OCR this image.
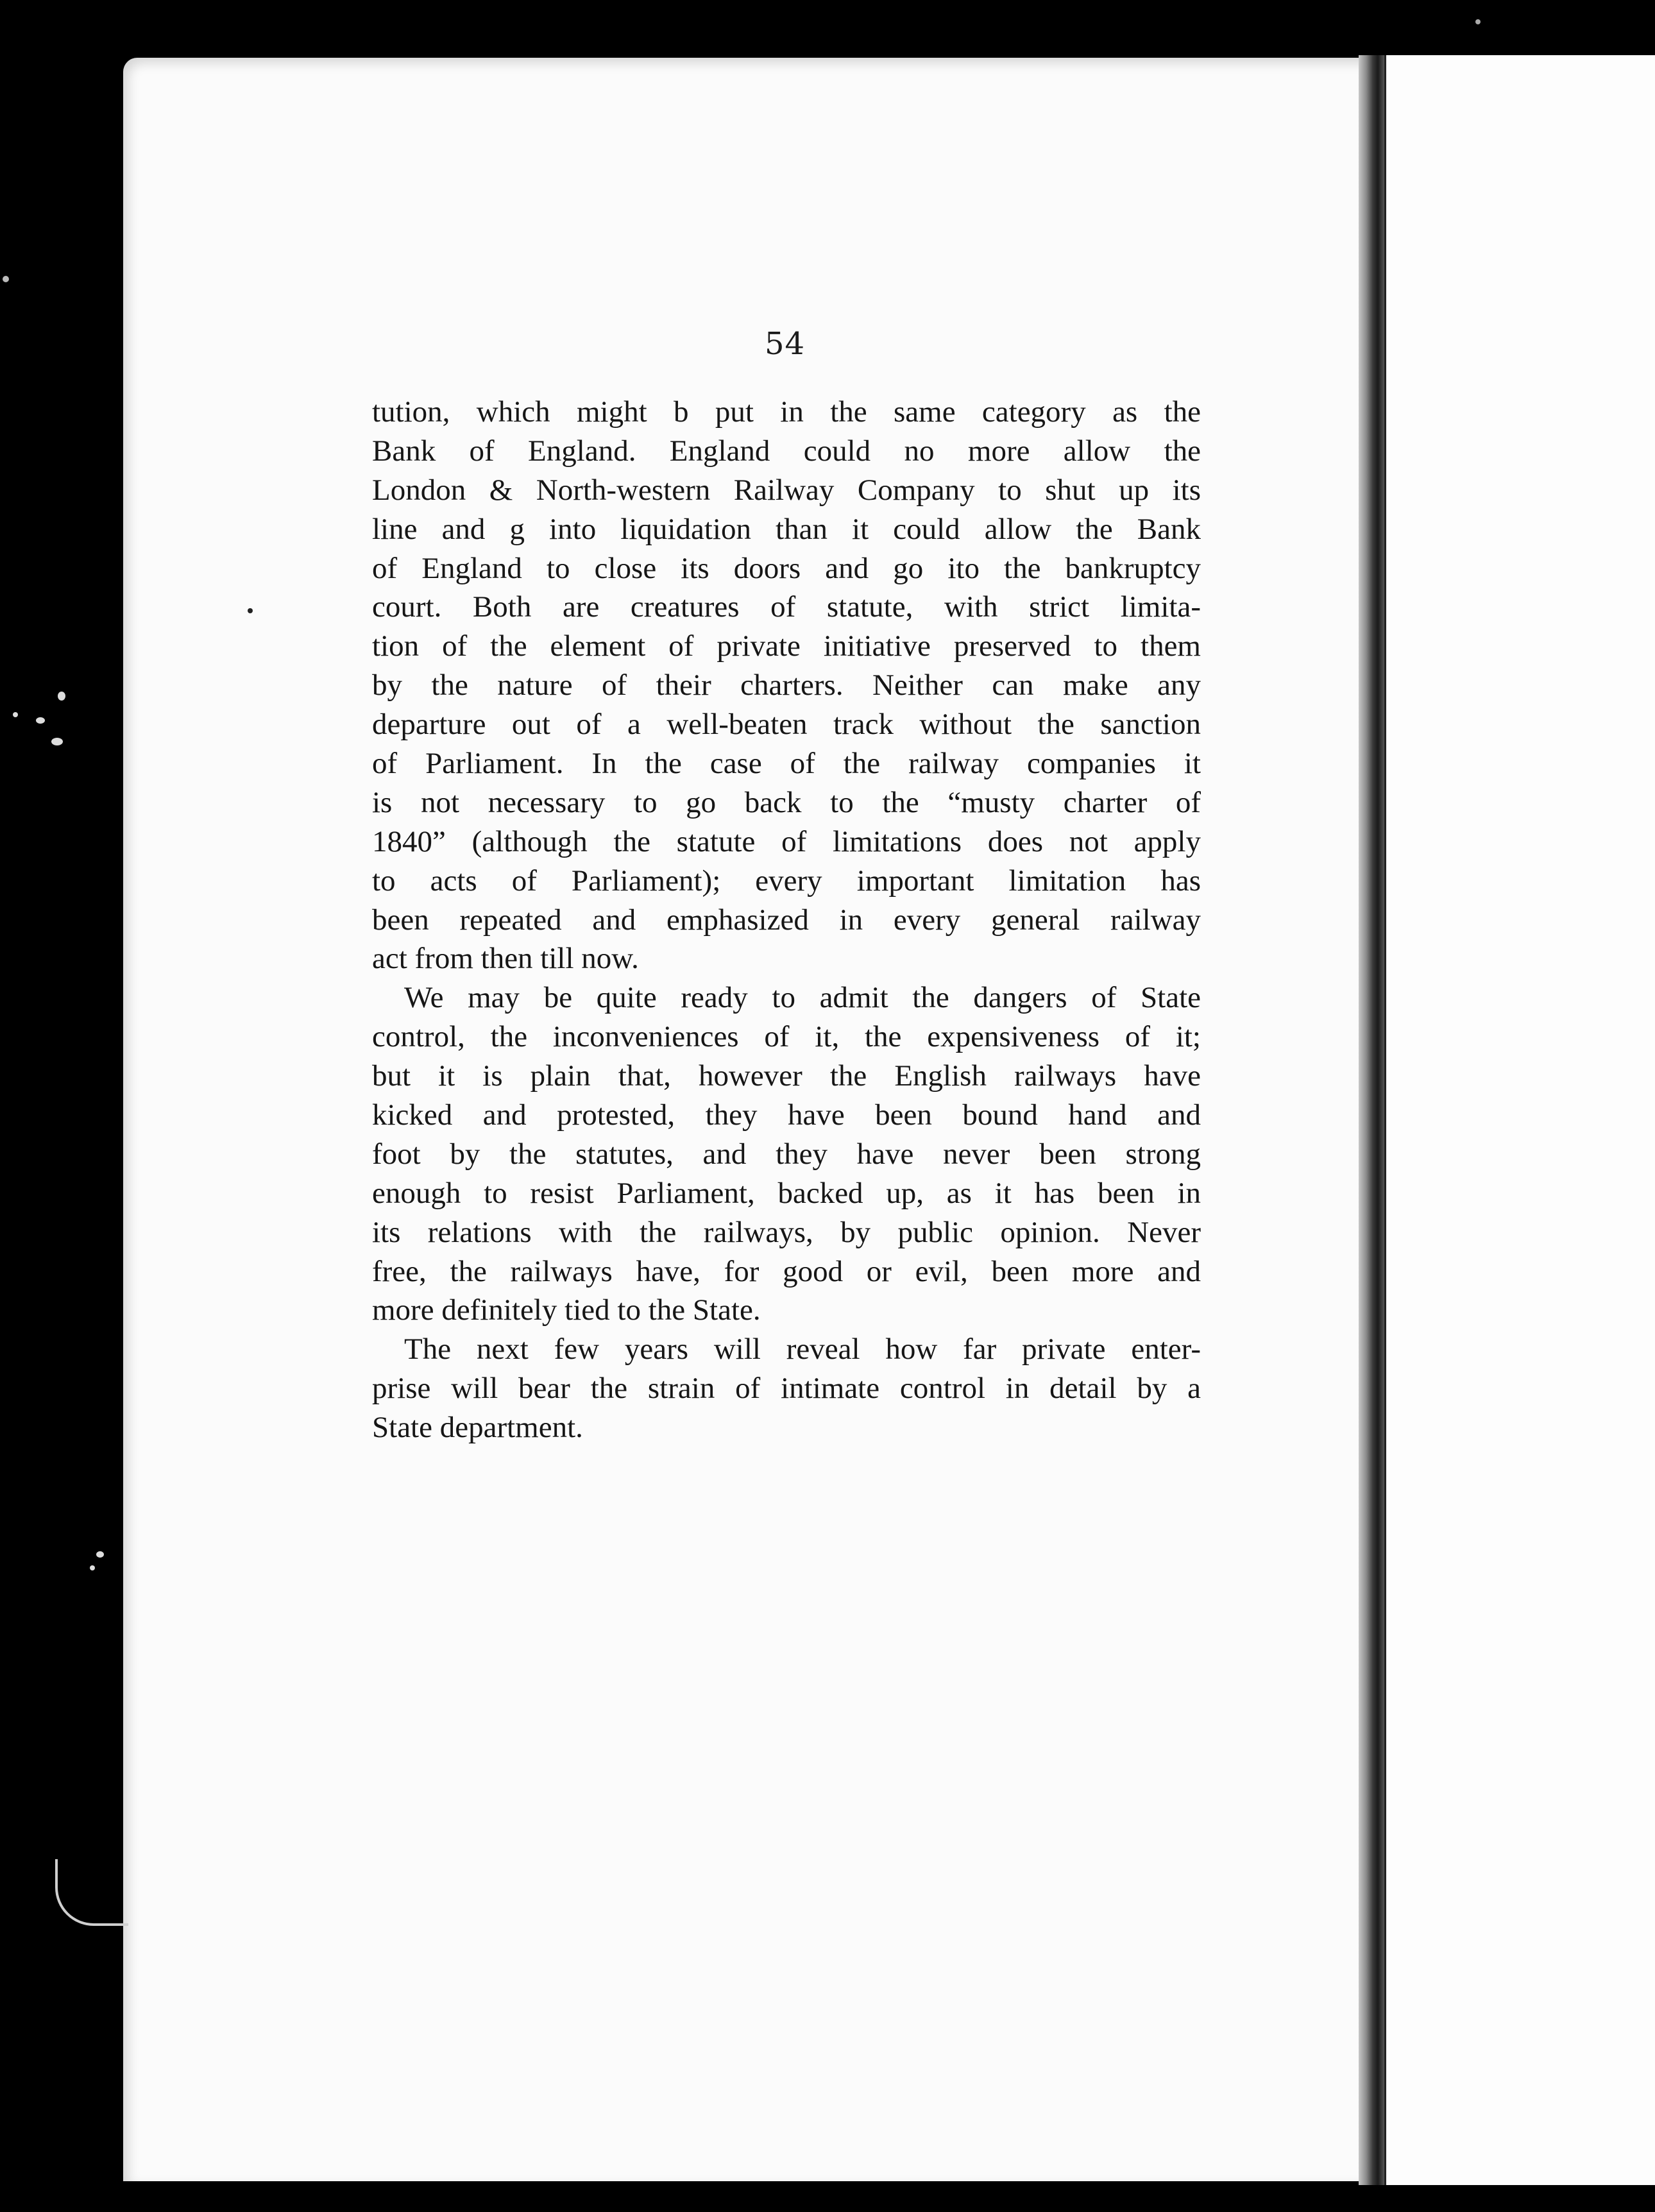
54
tution, which might b put in the same category as the
Bank of England. England could no more allow the
London & North-western Railway Company to shut up its
line and g into liquidation than it could allow the Bank
of England to close its doors and go ito the bankruptcy
court. Both are creatures of statute, with strict limita-
tion of the element of private initiative preserved to them
by the nature of their charters. Neither can make any
departure out of a well-beaten track without the sanction
of Parliament. In the case of the railway companies it
is not necessary to go back to the “musty charter of
1840” (although the statute of limitations does not apply
to acts of Parliament); every important limitation has
been repeated and emphasized in every general railway
act from then till now.
We may be quite ready to admit the dangers of State
control, the inconveniences of it, the expensiveness of it;
but it is plain that, however the English railways have
kicked and protested, they have been bound hand and
foot by the statutes, and they have never been strong
enough to resist Parliament, backed up, as it has been in
its relations with the railways, by public opinion. Never
free, the railways have, for good or evil, been more and
more definitely tied to the State.
The next few years will reveal how far private enter-
prise will bear the strain of intimate control in detail by a
State department.
